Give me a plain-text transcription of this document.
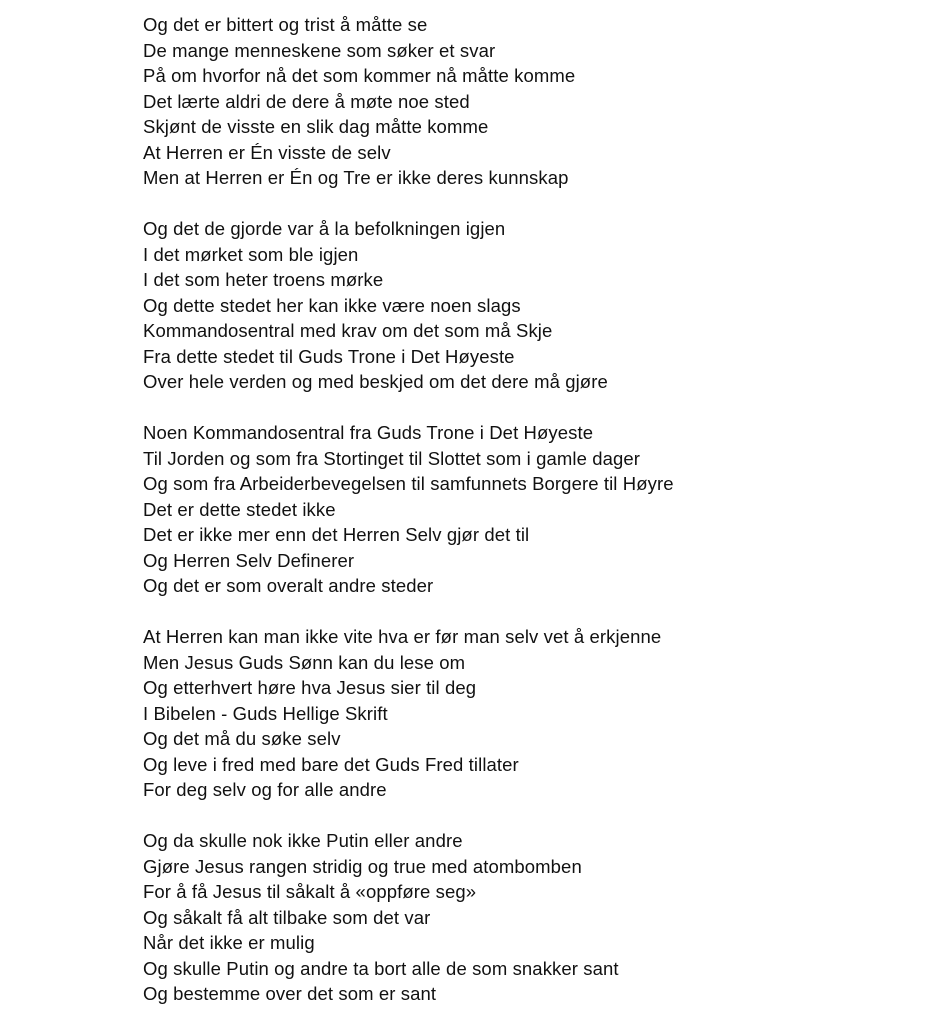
Og det er bittert og trist å måtte se
De mange menneskene som søker et svar
På om hvorfor nå det som kommer nå måtte komme
Det lærte aldri de dere å møte noe sted
Skjønt de visste en slik dag måtte komme
At Herren er Én visste de selv
Men at Herren er Én og Tre er ikke deres kunnskap
Og det de gjorde var å la befolkningen igjen
I det mørket som ble igjen
I det som heter troens mørke
Og dette stedet her kan ikke være noen slags
Kommandosentral med krav om det som må Skje
Fra dette stedet til Guds Trone i Det Høyeste
Over hele verden og med beskjed om det dere må gjøre
Noen Kommandosentral fra Guds Trone i Det Høyeste
Til Jorden og som fra Stortinget til Slottet som i gamle dager
Og som fra Arbeiderbevegelsen til samfunnets Borgere til Høyre
Det er dette stedet ikke
Det er ikke mer enn det Herren Selv gjør det til
Og Herren Selv Definerer
Og det er som overalt andre steder
At Herren kan man ikke vite hva er før man selv vet å erkjenne
Men Jesus Guds Sønn kan du lese om
Og etterhvert høre hva Jesus sier til deg
I Bibelen - Guds Hellige Skrift
Og det må du søke selv
Og leve i fred med bare det Guds Fred tillater
For deg selv og for alle andre
Og da skulle nok ikke Putin eller andre
Gjøre Jesus rangen stridig og true med atombomben
For å få Jesus til såkalt å «oppføre seg»
Og såkalt få alt tilbake som det var
Når det ikke er mulig
Og skulle Putin og andre ta bort alle de som snakker sant
Og bestemme over det som er sant
